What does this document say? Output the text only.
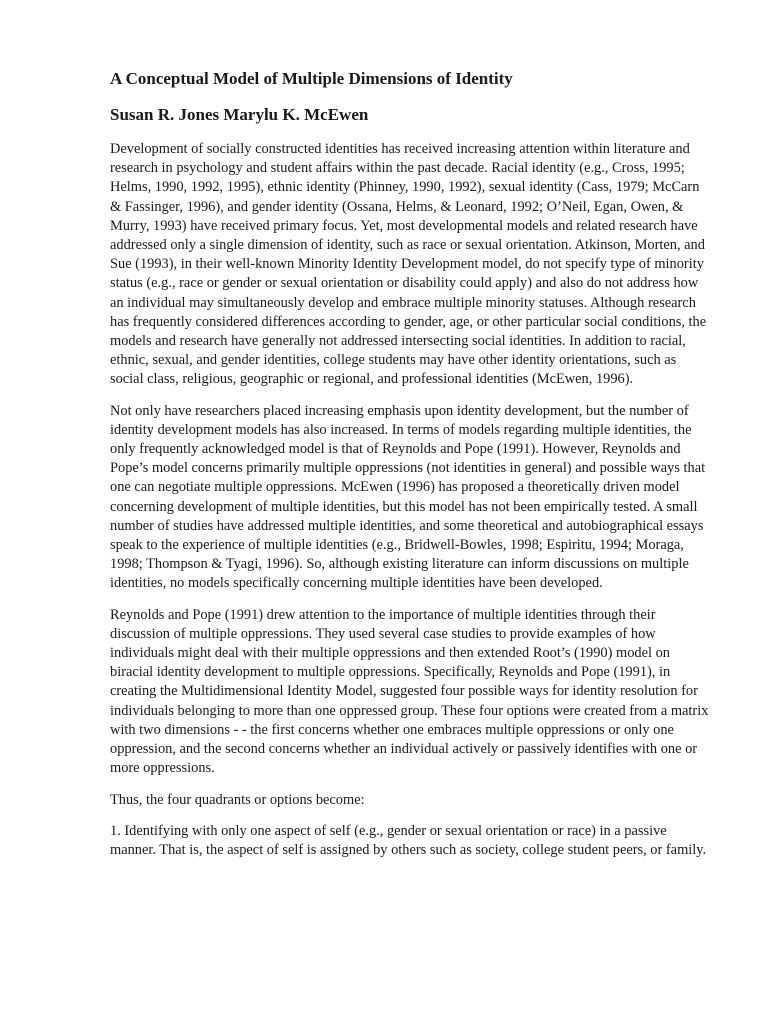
A Conceptual Model of Multiple Dimensions of Identity
Susan R. Jones Marylu K. McEwen

Development of socially constructed identities has received increasing attention within literature and research in psychology and student affairs within the past decade. Racial identity (e.g., Cross, 1995; Helms, 1990, 1992, 1995), ethnic identity (Phinney, 1990, 1992), sexual identity (Cass, 1979; McCarn & Fassinger, 1996), and gender identity (Ossana, Helms, & Leonard, 1992; O’Neil, Egan, Owen, & Murry, 1993) have received primary focus. Yet, most developmental models and related research have addressed only a single dimension of identity, such as race or sexual orientation. Atkinson, Morten, and Sue (1993), in their well-known Minority Identity Development model, do not specify type of minority status (e.g., race or gender or sexual orientation or disability could apply) and also do not address how an individual may simultaneously develop and embrace multiple minority statuses. Although research has frequently considered differences according to gender, age, or other particular social conditions, the models and research have generally not addressed intersecting social identities. In addition to racial, ethnic, sexual, and gender identities, college students may have other identity orientations, such as social class, religious, geographic or regional, and professional identities (McEwen, 1996).

Not only have researchers placed increasing emphasis upon identity development, but the number of identity development models has also increased. In terms of models regarding multiple identities, the only frequently acknowledged model is that of Reynolds and Pope (1991). However, Reynolds and Pope’s model concerns primarily multiple oppressions (not identities in general) and possible ways that one can negotiate multiple oppressions. McEwen (1996) has proposed a theoretically driven model concerning development of multiple identities, but this model has not been empirically tested. A small number of studies have addressed multiple identities, and some theoretical and autobiographical essays speak to the experience of multiple identities (e.g., Bridwell-Bowles, 1998; Espiritu, 1994; Moraga, 1998; Thompson & Tyagi, 1996). So, although existing literature can inform discussions on multiple identities, no models specifically concerning multiple identities have been developed.

Reynolds and Pope (1991) drew attention to the importance of multiple identities through their discussion of multiple oppressions. They used several case studies to provide examples of how individuals might deal with their multiple oppressions and then extended Root’s (1990) model on biracial identity development to multiple oppressions. Specifically, Reynolds and Pope (1991), in creating the Multidimensional Identity Model, suggested four possible ways for identity resolution for individuals belonging to more than one oppressed group. These four options were created from a matrix with two dimensions - - the first concerns whether one embraces multiple oppressions or only one oppression, and the second concerns whether an individual actively or passively identifies with one or more oppressions.

Thus, the four quadrants or options become:

1. Identifying with only one aspect of self (e.g., gender or sexual orientation or race) in a passive manner. That is, the aspect of self is assigned by others such as society, college student peers, or family.
